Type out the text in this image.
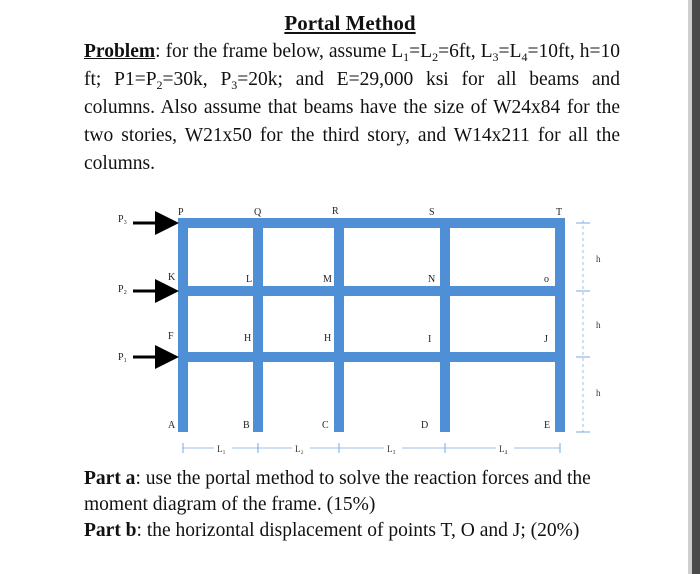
Portal Method
Problem: for the frame below, assume $L_1=L_2=6ft$, $L_3=L_4=10ft$, h=10 ft; $P1=P_2=30k$, $P_3=20k$; and E=29,000 ksi for all beams and columns. Also assume that beams have the size of W24x84 for the two stories, W21x50 for the third story, and W14x211 for all the columns.
P₃
P₂
P₁
P	Q	R	S	T
K	L	M	N	o
F	H	H	I	J
A	B	C	D	E
h
h
h
L₁	L₂	L₃	L₄
Part a: use the portal method to solve the reaction forces and the moment diagram of the frame. (15%)
Part b: the horizontal displacement of points T, O and J; (20%)
